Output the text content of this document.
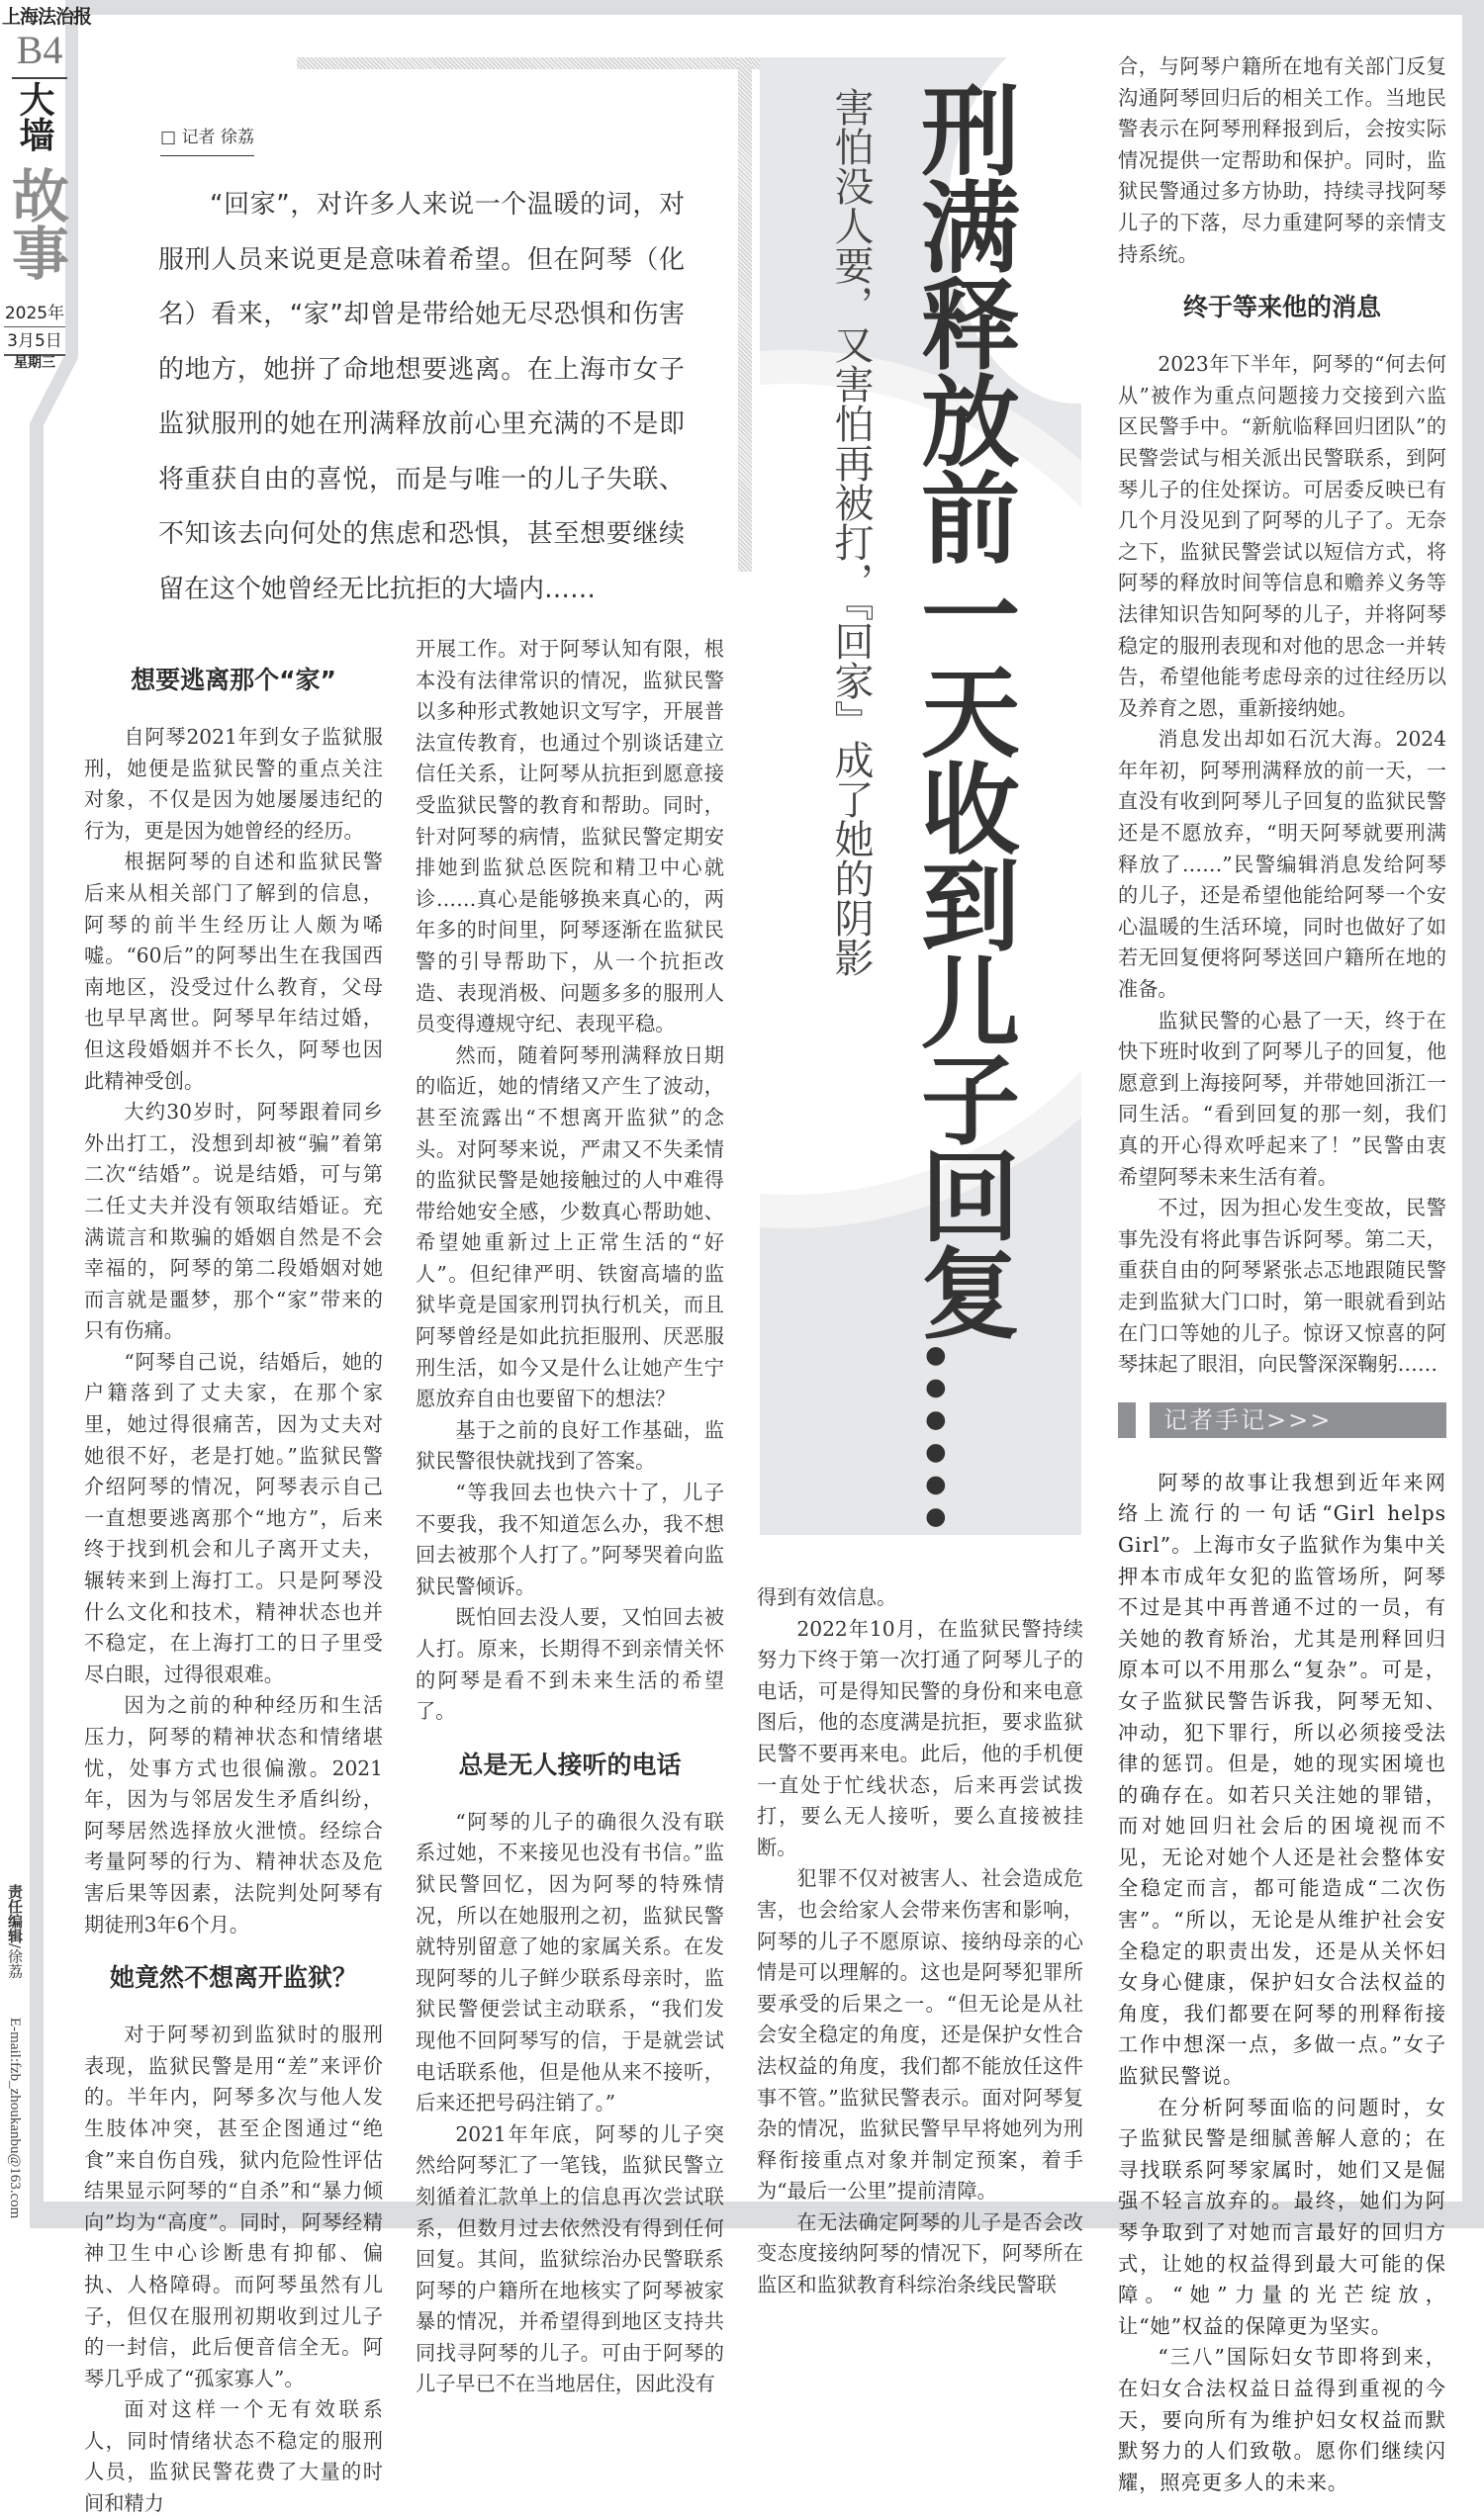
上海法治报
B4
大墙
故事
2025年
3月5日
星期三
责任编辑/徐荔
E-mail:fzb_zhoukanbu@163.com
□ 记者 徐荔

“回家”，对许多人来说一个温暖的词，对服刑人员来说更是意味着希望。但在阿琴（化名）看来，“家”却曾是带给她无尽恐惧和伤害的地方，她拼了命地想要逃离。在上海市女子监狱服刑的她在刑满释放前心里充满的不是即将重获自由的喜悦，而是与唯一的儿子失联、不知该去向何处的焦虑和恐惧，甚至想要继续留在这个她曾经无比抗拒的大墙内……	刑满释放前一天收到儿子回复……
害怕没人要，又害怕再被打，『回家』成了她的阴影
想要逃离那个“家”

自阿琴2021年到女子监狱服刑，她便是监狱民警的重点关注对象，不仅是因为她屡屡违纪的行为，更是因为她曾经的经历。

根据阿琴的自述和监狱民警后来从相关部门了解到的信息，阿琴的前半生经历让人颇为唏嘘。“60后”的阿琴出生在我国西南地区，没受过什么教育，父母也早早离世。阿琴早年结过婚，但这段婚姻并不长久，阿琴也因此精神受创。

大约30岁时，阿琴跟着同乡外出打工，没想到却被“骗”着第二次“结婚”。说是结婚，可与第二任丈夫并没有领取结婚证。充满谎言和欺骗的婚姻自然是不会幸福的，阿琴的第二段婚姻对她而言就是噩梦，那个“家”带来的只有伤痛。

“阿琴自己说，结婚后，她的户籍落到了丈夫家，在那个家里，她过得很痛苦，因为丈夫对她很不好，老是打她。”监狱民警介绍阿琴的情况，阿琴表示自己一直想要逃离那个“地方”，后来终于找到机会和儿子离开丈夫，辗转来到上海打工。只是阿琴没什么文化和技术，精神状态也并不稳定，在上海打工的日子里受尽白眼，过得很艰难。

因为之前的种种经历和生活压力，阿琴的精神状态和情绪堪忧，处事方式也很偏激。2021年，因为与邻居发生矛盾纠纷，阿琴居然选择放火泄愤。经综合考量阿琴的行为、精神状态及危害后果等因素，法院判处阿琴有期徒刑3年6个月。

她竟然不想离开监狱？

对于阿琴初到监狱时的服刑表现，监狱民警是用“差”来评价的。半年内，阿琴多次与他人发生肢体冲突，甚至企图通过“绝食”来自伤自残，狱内危险性评估结果显示阿琴的“自杀”和“暴力倾向”均为“高度”。同时，阿琴经精神卫生中心诊断患有抑郁、偏执、人格障碍。而阿琴虽然有儿子，但仅在服刑初期收到过儿子的一封信，此后便音信全无。阿琴几乎成了“孤家寡人”。

面对这样一个无有效联系人，同时情绪状态不稳定的服刑人员，监狱民警花费了大量的时间和精力

开展工作。对于阿琴认知有限，根本没有法律常识的情况，监狱民警以多种形式教她识文写字，开展普法宣传教育，也通过个别谈话建立信任关系，让阿琴从抗拒到愿意接受监狱民警的教育和帮助。同时，针对阿琴的病情，监狱民警定期安排她到监狱总医院和精卫中心就诊……真心是能够换来真心的，两年多的时间里，阿琴逐渐在监狱民警的引导帮助下，从一个抗拒改造、表现消极、问题多多的服刑人员变得遵规守纪、表现平稳。

然而，随着阿琴刑满释放日期的临近，她的情绪又产生了波动，甚至流露出“不想离开监狱”的念头。对阿琴来说，严肃又不失柔情的监狱民警是她接触过的人中难得带给她安全感，少数真心帮助她、希望她重新过上正常生活的“好人”。但纪律严明、铁窗高墙的监狱毕竟是国家刑罚执行机关，而且阿琴曾经是如此抗拒服刑、厌恶服刑生活，如今又是什么让她产生宁愿放弃自由也要留下的想法？

基于之前的良好工作基础，监狱民警很快就找到了答案。

“等我回去也快六十了，儿子不要我，我不知道怎么办，我不想回去被那个人打了。”阿琴哭着向监狱民警倾诉。

既怕回去没人要，又怕回去被人打。原来，长期得不到亲情关怀的阿琴是看不到未来生活的希望了。

总是无人接听的电话

“阿琴的儿子的确很久没有联系过她，不来接见也没有书信。”监狱民警回忆，因为阿琴的特殊情况，所以在她服刑之初，监狱民警就特别留意了她的家属关系。在发现阿琴的儿子鲜少联系母亲时，监狱民警便尝试主动联系，“我们发现他不回阿琴写的信，于是就尝试电话联系他，但是他从来不接听，后来还把号码注销了。”

2021年年底，阿琴的儿子突然给阿琴汇了一笔钱，监狱民警立刻循着汇款单上的信息再次尝试联系，但数月过去依然没有得到任何回复。其间，监狱综治办民警联系阿琴的户籍所在地核实了阿琴被家暴的情况，并希望得到地区支持共同找寻阿琴的儿子。可由于阿琴的儿子早已不在当地居住，因此没有

得到有效信息。

2022年10月，在监狱民警持续努力下终于第一次打通了阿琴儿子的电话，可是得知民警的身份和来电意图后，他的态度满是抗拒，要求监狱民警不要再来电。此后，他的手机便一直处于忙线状态，后来再尝试拨打，要么无人接听，要么直接被挂断。

犯罪不仅对被害人、社会造成危害，也会给家人会带来伤害和影响，阿琴的儿子不愿原谅、接纳母亲的心情是可以理解的。这也是阿琴犯罪所要承受的后果之一。“但无论是从社会安全稳定的角度，还是保护女性合法权益的角度，我们都不能放任这件事不管。”监狱民警表示。面对阿琴复杂的情况，监狱民警早早将她列为刑释衔接重点对象并制定预案，着手为“最后一公里”提前清障。

在无法确定阿琴的儿子是否会改变态度接纳阿琴的情况下，阿琴所在监区和监狱教育科综治条线民警联

合，与阿琴户籍所在地有关部门反复沟通阿琴回归后的相关工作。当地民警表示在阿琴刑释报到后，会按实际情况提供一定帮助和保护。同时，监狱民警通过多方协助，持续寻找阿琴儿子的下落，尽力重建阿琴的亲情支持系统。

终于等来他的消息

2023年下半年，阿琴的“何去何从”被作为重点问题接力交接到六监区民警手中。“新航临释回归团队”的民警尝试与相关派出民警联系，到阿琴儿子的住处探访。可居委反映已有几个月没见到了阿琴的儿子了。无奈之下，监狱民警尝试以短信方式，将阿琴的释放时间等信息和赡养义务等法律知识告知阿琴的儿子，并将阿琴稳定的服刑表现和对他的思念一并转告，希望他能考虑母亲的过往经历以及养育之恩，重新接纳她。

消息发出却如石沉大海。2024年年初，阿琴刑满释放的前一天，一直没有收到阿琴儿子回复的监狱民警还是不愿放弃，“明天阿琴就要刑满释放了……”民警编辑消息发给阿琴的儿子，还是希望他能给阿琴一个安心温暖的生活环境，同时也做好了如若无回复便将阿琴送回户籍所在地的准备。

监狱民警的心悬了一天，终于在快下班时收到了阿琴儿子的回复，他愿意到上海接阿琴，并带她回浙江一同生活。“看到回复的那一刻，我们真的开心得欢呼起来了！”民警由衷希望阿琴未来生活有着。

不过，因为担心发生变故，民警事先没有将此事告诉阿琴。第二天，重获自由的阿琴紧张忐忑地跟随民警走到监狱大门口时，第一眼就看到站在门口等她的儿子。惊讶又惊喜的阿琴抹起了眼泪，向民警深深鞠躬……

记者手记>>>

阿琴的故事让我想到近年来网络上流行的一句话“Girl helps Girl”。上海市女子监狱作为集中关押本市成年女犯的监管场所，阿琴不过是其中再普通不过的一员，有关她的教育矫治，尤其是刑释回归原本可以不用那么“复杂”。可是，女子监狱民警告诉我，阿琴无知、冲动，犯下罪行，所以必须接受法律的惩罚。但是，她的现实困境也的确存在。如若只关注她的罪错，而对她回归社会后的困境视而不见，无论对她个人还是社会整体安全稳定而言，都可能造成“二次伤害”。“所以，无论是从维护社会安全稳定的职责出发，还是从关怀妇女身心健康，保护妇女合法权益的角度，我们都要在阿琴的刑释衔接工作中想深一点，多做一点。”女子监狱民警说。

在分析阿琴面临的问题时，女子监狱民警是细腻善解人意的；在寻找联系阿琴家属时，她们又是倔强不轻言放弃的。最终，她们为阿琴争取到了对她而言最好的回归方式，让她的权益得到最大可能的保障。“她”力量的光芒绽放，让“她”权益的保障更为坚实。

“三八”国际妇女节即将到来，在妇女合法权益日益得到重视的今天，要向所有为维护妇女权益而默默努力的人们致敬。愿你们继续闪耀，照亮更多人的未来。
